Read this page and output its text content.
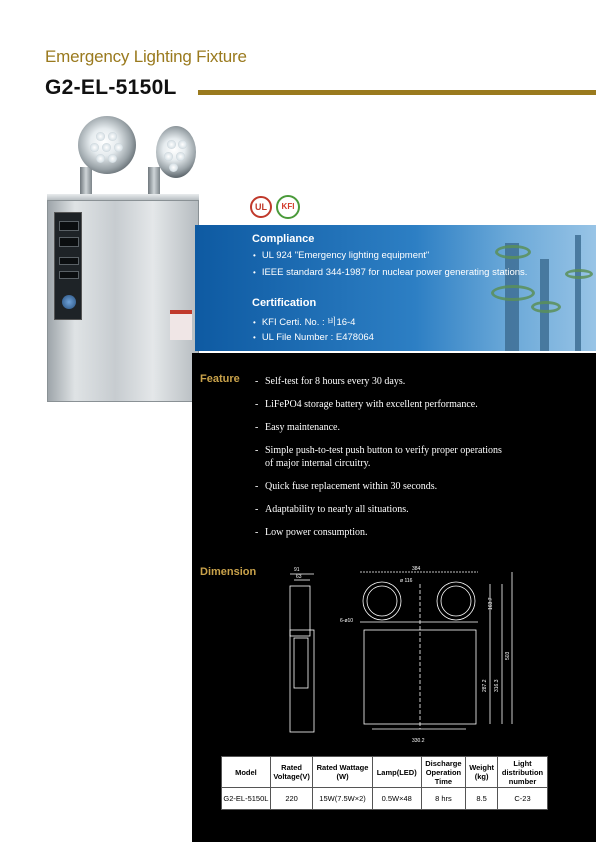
Emergency Lighting Fixture
G2-EL-5150L
UL	KFI
Compliance
• UL 924 "Emergency lighting equipment"
• IEEE standard 344-1987 for nuclear power generating stations.
Certification
• KFI Certi. No. : 비16-4
• UL File Number : E478064
Feature - Self-test for 8 hours every 30 days.
- LiFePO4 storage battery with excellent performance.
- Easy maintenance.
- Simple push-to-test push button to verify proper operations of major internal circuitry.
- Quick fuse replacement within 30 seconds.
- Adaptability to nearly all situations.
- Low power consumption.
Dimension	91
63
384
ø 116
6-ø10
330.2
163.7
287.2 316.3
503
Model	Rated Voltage(V)	Rated Wattage (W)	Lamp(LED)	Discharge Operation Time	Weight (kg)	Light distribution number
G2-EL-5150L	220	15W(7.5W×2)	0.5W×48	8 hrs	8.5	C-23
